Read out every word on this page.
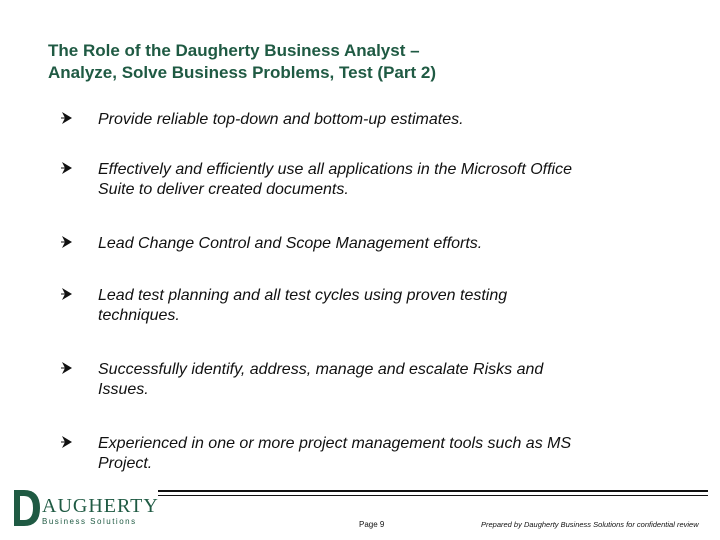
The Role of the Daugherty Business Analyst –
Analyze, Solve Business Problems, Test (Part 2)
Provide reliable top-down and bottom-up estimates.
Effectively and efficiently use all applications in the Microsoft Office
Suite to deliver created documents.
Lead Change Control and Scope Management efforts.
Lead test planning and all test cycles using proven testing
techniques.
Successfully identify, address, manage and escalate Risks and
Issues.
Experienced in one or more project management tools such as MS
Project.
AUGHERTY
Business Solutions	Page 9	Prepared by Daugherty Business Solutions for confidential review
